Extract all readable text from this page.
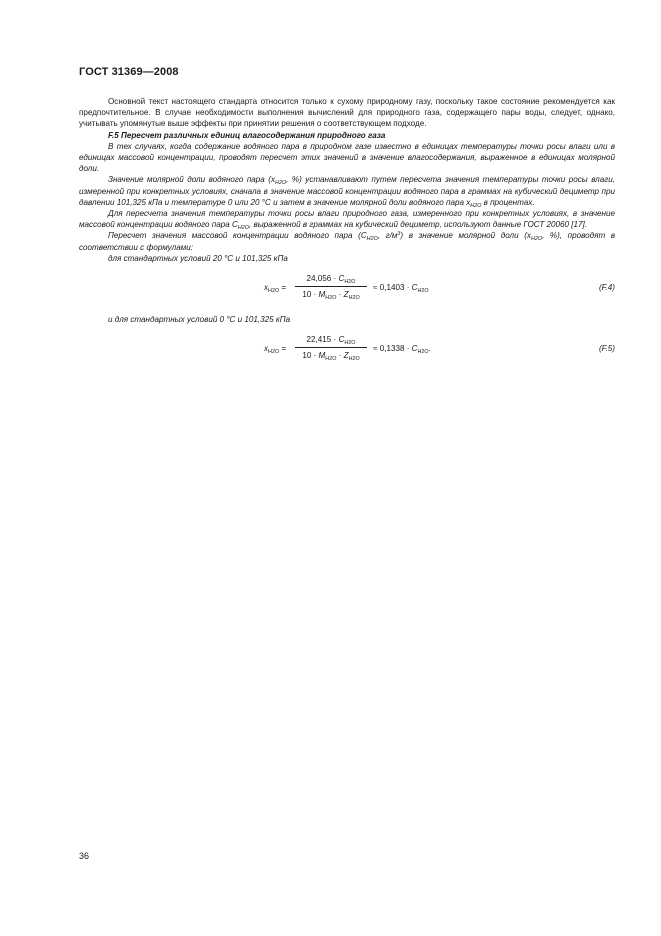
ГОСТ 31369—2008

Основной текст настоящего стандарта относится только к сухому природному газу, поскольку такое состояние рекомендуется как предпочтительное. В случае необходимости выполнения вычислений для природного газа, содержащего пары воды, следует, однако, учитывать упомянутые выше эффекты при принятии решения о соответствующем подходе.

F.5 Пересчет различных единиц влагосодержания природного газа

В тех случаях, когда содержание водяного пара в природном газе известно в единицах температуры точки росы влаги или в единицах массовой концентрации, проводят пересчет этих значений в значение влагосодержания, выраженное в единицах молярной доли.

Значение молярной доли водяного пара ($x_{H2O}$, %) устанавливают путем пересчета значения температуры точки росы влаги, измеренной при конкретных условиях, сначала в значение массовой концентрации водяного пара в граммах на кубический дециметр при давлении 101,325 кПа и температуре 0 или 20 °С и затем в значение молярной доли водяного пара $x_{H2O}$ в процентах.

Для пересчета значения температуры точки росы влаги природного газа, измеренного при конкретных условиях, в значение массовой концентрации водяного пара $C_{H2O}$, выраженной в граммах на кубический дециметр, используют данные ГОСТ 20060 [17].

Пересчет значения массовой концентрации водяного пара ($C_{H2O}$, $г/м^3$) в значение молярной доли ($x_{H2O}$, %), проводят в соответствии с формулами:

для стандартных условий 20 °С и 101,325 кПа

$x_{H2O} = \frac{24,056 \cdot C_{H2O}}{10 \cdot M_{H2O} \cdot Z_{H2O}} \approx 0,1403 \cdot C_{H2O}$	(F.4)

и для стандартных условий 0 °С и 101,325 кПа

$x_{H2O} = \frac{22,415 \cdot C_{H2O}}{10 \cdot M_{H2O} \cdot Z_{H2O}} \approx 0,1338 \cdot C_{H2O}$.	(F.5)
36
